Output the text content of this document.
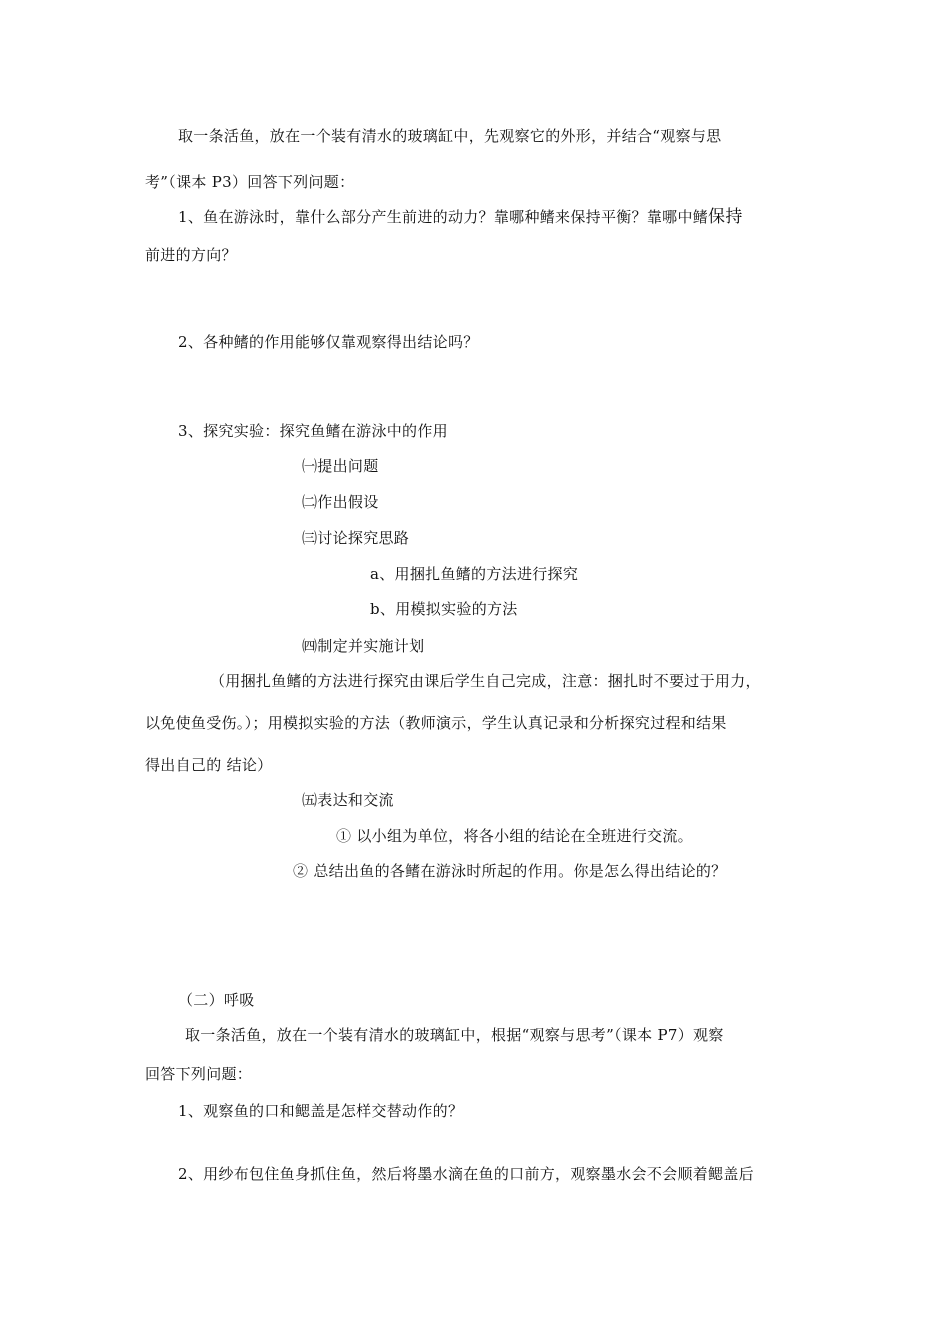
取一条活鱼，放在一个装有清水的玻璃缸中，先观察它的外形，并结合“观察与思
考”（课本 P3）回答下列问题：
1、鱼在游泳时，靠什么部分产生前进的动力？靠哪种鳍来保持平衡？靠哪中鳍保持
前进的方向？
2、各种鳍的作用能够仅靠观察得出结论吗？
3、探究实验：探究鱼鳍在游泳中的作用
㈠提出问题
㈡作出假设
㈢讨论探究思路
a、用捆扎鱼鳍的方法进行探究
b、用模拟实验的方法
㈣制定并实施计划
（用捆扎鱼鳍的方法进行探究由课后学生自己完成，注意：捆扎时不要过于用力，
以免使鱼受伤。）；用模拟实验的方法（教师演示，学生认真记录和分析探究过程和结果
得出自己的 结论）
㈤表达和交流
① 以小组为单位，将各小组的结论在全班进行交流。
② 总结出鱼的各鳍在游泳时所起的作用。你是怎么得出结论的？
（二）呼吸
取一条活鱼，放在一个装有清水的玻璃缸中，根据“观察与思考”（课本 P7）观察
回答下列问题：
1、观察鱼的口和鳃盖是怎样交替动作的？
2、用纱布包住鱼身抓住鱼，然后将墨水滴在鱼的口前方，观察墨水会不会顺着鳃盖后
